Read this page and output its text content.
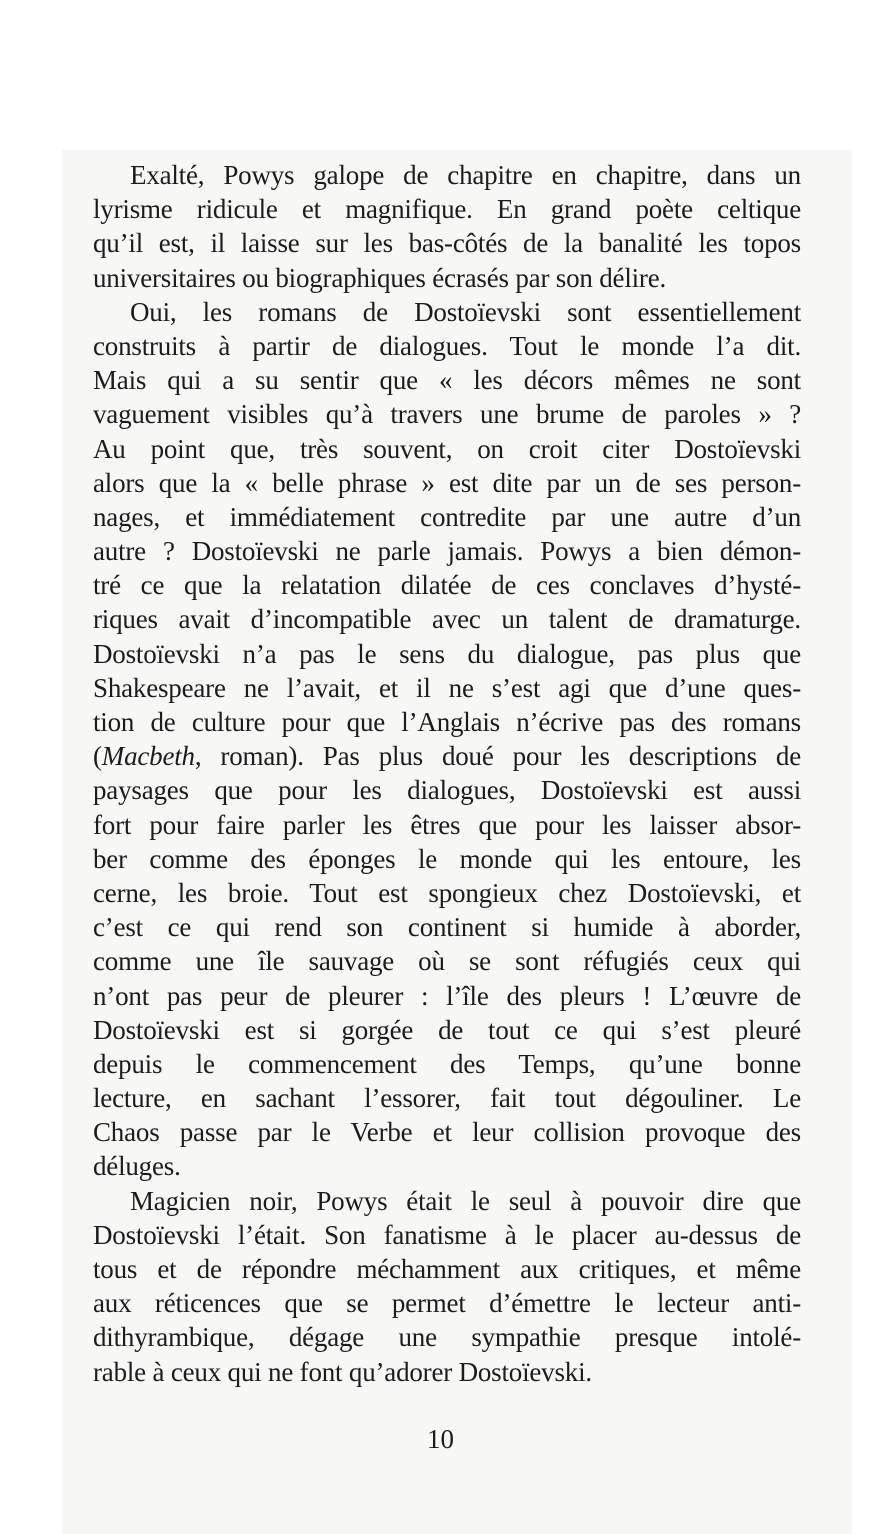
Exalté, Powys galope de chapitre en chapitre, dans un
lyrisme ridicule et magnifique. En grand poète celtique
qu’il est, il laisse sur les bas-côtés de la banalité les topos
universitaires ou biographiques écrasés par son délire.
Oui, les romans de Dostoïevski sont essentiellement
construits à partir de dialogues. Tout le monde l’a dit.
Mais qui a su sentir que « les décors mêmes ne sont
vaguement visibles qu’à travers une brume de paroles » ?
Au point que, très souvent, on croit citer Dostoïevski
alors que la « belle phrase » est dite par un de ses person-
nages, et immédiatement contredite par une autre d’un
autre ? Dostoïevski ne parle jamais. Powys a bien démon-
tré ce que la relatation dilatée de ces conclaves d’hysté-
riques avait d’incompatible avec un talent de dramaturge.
Dostoïevski n’a pas le sens du dialogue, pas plus que
Shakespeare ne l’avait, et il ne s’est agi que d’une ques-
tion de culture pour que l’Anglais n’écrive pas des romans
(Macbeth, roman). Pas plus doué pour les descriptions de
paysages que pour les dialogues, Dostoïevski est aussi
fort pour faire parler les êtres que pour les laisser absor-
ber comme des éponges le monde qui les entoure, les
cerne, les broie. Tout est spongieux chez Dostoïevski, et
c’est ce qui rend son continent si humide à aborder,
comme une île sauvage où se sont réfugiés ceux qui
n’ont pas peur de pleurer : l’île des pleurs ! L’œuvre de
Dostoïevski est si gorgée de tout ce qui s’est pleuré
depuis le commencement des Temps, qu’une bonne
lecture, en sachant l’essorer, fait tout dégouliner. Le
Chaos passe par le Verbe et leur collision provoque des
déluges.
Magicien noir, Powys était le seul à pouvoir dire que
Dostoïevski l’était. Son fanatisme à le placer au-dessus de
tous et de répondre méchamment aux critiques, et même
aux réticences que se permet d’émettre le lecteur anti-
dithyrambique, dégage une sympathie presque intolé-
rable à ceux qui ne font qu’adorer Dostoïevski.
10
